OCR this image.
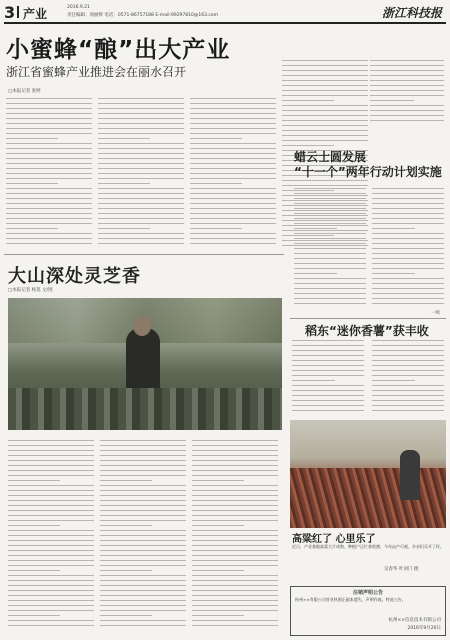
3 产业	2016.9.21
责任编辑：项丽鲜 电话：0571-86757188 E-mail:99297810@163.com	浙江科技报
小蜜蜂“酿”出大产业
浙江省蜜蜂产业推进会在丽水召开
□本报记者 张婷
蜡云士圆发展
“十一个”两年行动计划实施
一鸣
大山深处灵芝香
□本报记者 杨莫 文/图
稻东“迷你香薯”获丰收
高粱红了 心里乐了
近日，产业基地高粱大片成熟，种植户正忙着收割，今年亩产可观，乡亲们乐开了怀。
吴春华 叶刘门 摄
注销声明公告
杭州××有限公司营业执照正副本遗失，声明作废。特此公告。
杭州××信息技术有限公司
2016年9月20日
